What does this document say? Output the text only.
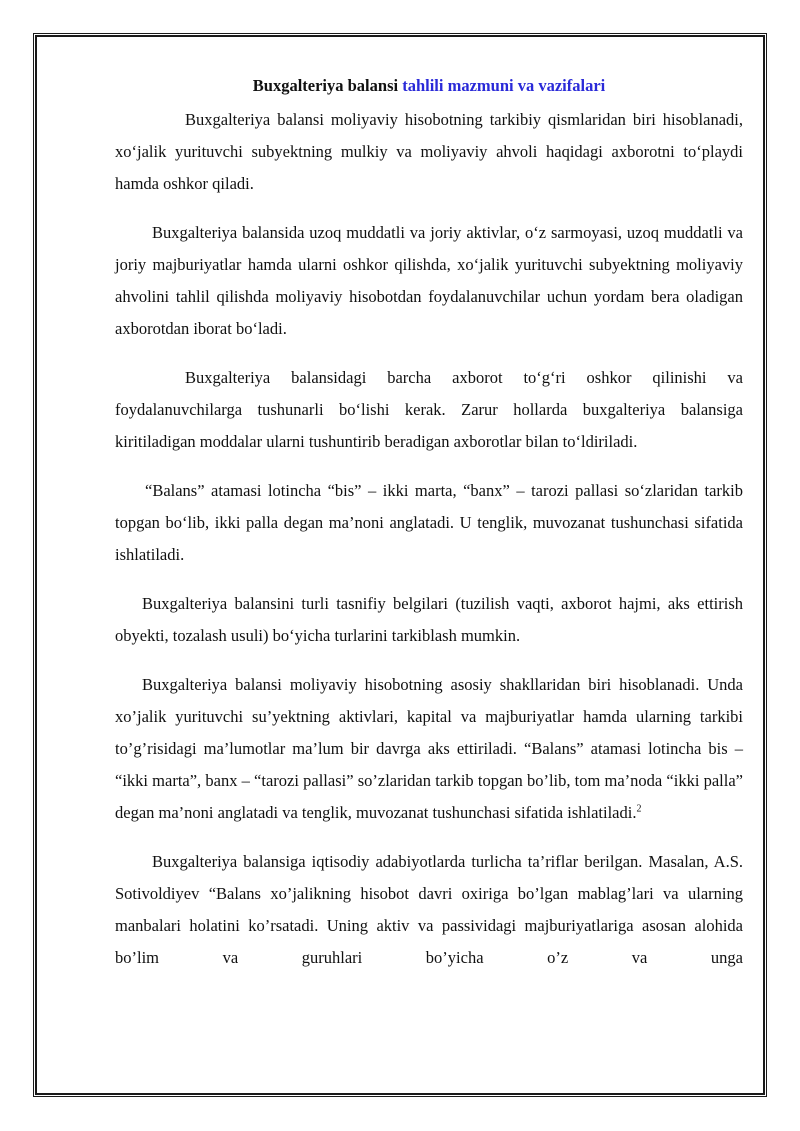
Buxgalteriya balansi tahlili mazmuni va vazifalari

Buxgalteriya balansi moliyaviy hisobotning tarkibiy qismlaridan biri hisoblanadi, xo‘jalik yurituvchi subyektning mulkiy va moliyaviy ahvoli haqidagi axborotni to‘playdi hamda oshkor qiladi.

Buxgalteriya balansida uzoq muddatli va joriy aktivlar, o‘z sarmoyasi, uzoq muddatli va joriy majburiyatlar hamda ularni oshkor qilishda, xo‘jalik yurituvchi subyektning moliyaviy ahvolini tahlil qilishda moliyaviy hisobotdan foydalanuvchilar uchun yordam bera oladigan axborotdan iborat bo‘ladi.

Buxgalteriya balansidagi barcha axborot to‘g‘ri oshkor qilinishi va foydalanuvchilarga tushunarli bo‘lishi kerak. Zarur hollarda buxgalteriya balansiga kiritiladigan moddalar ularni tushuntirib beradigan axborotlar bilan to‘ldiriladi.

“Balans” atamasi lotincha “bis” – ikki marta, “banx” – tarozi pallasi so‘zlaridan tarkib topgan bo‘lib, ikki palla degan ma’noni anglatadi. U tenglik, muvozanat tushunchasi sifatida ishlatiladi.

Buxgalteriya balansini turli tasnifiy belgilari (tuzilish vaqti, axborot hajmi, aks ettirish obyekti, tozalash usuli) bo‘yicha turlarini tarkiblash mumkin.

Buxgalteriya balansi moliyaviy hisobotning asosiy shakllaridan biri hisoblanadi. Unda xo’jalik yurituvchi su’yektning aktivlari, kapital va majburiyatlar hamda ularning tarkibi to’g’risidagi ma’lumotlar ma’lum bir davrga aks ettiriladi. “Balans” atamasi lotincha bis – “ikki marta”, banx – “tarozi pallasi” so’zlaridan tarkib topgan bo’lib, tom ma’noda “ikki palla” degan ma’noni anglatadi va tenglik, muvozanat tushunchasi sifatida ishlatiladi.$^2$

Buxgalteriya balansiga iqtisodiy adabiyotlarda turlicha ta’riflar berilgan. Masalan, A.S. Sotivoldiyev “Balans xo’jalikning hisobot davri oxiriga bo’lgan mablag’lari va ularning manbalari holatini ko’rsatadi. Uning aktiv va passividagi majburiyatlariga asosan alohida bo’lim va guruhlari bo’yicha o’z va unga
